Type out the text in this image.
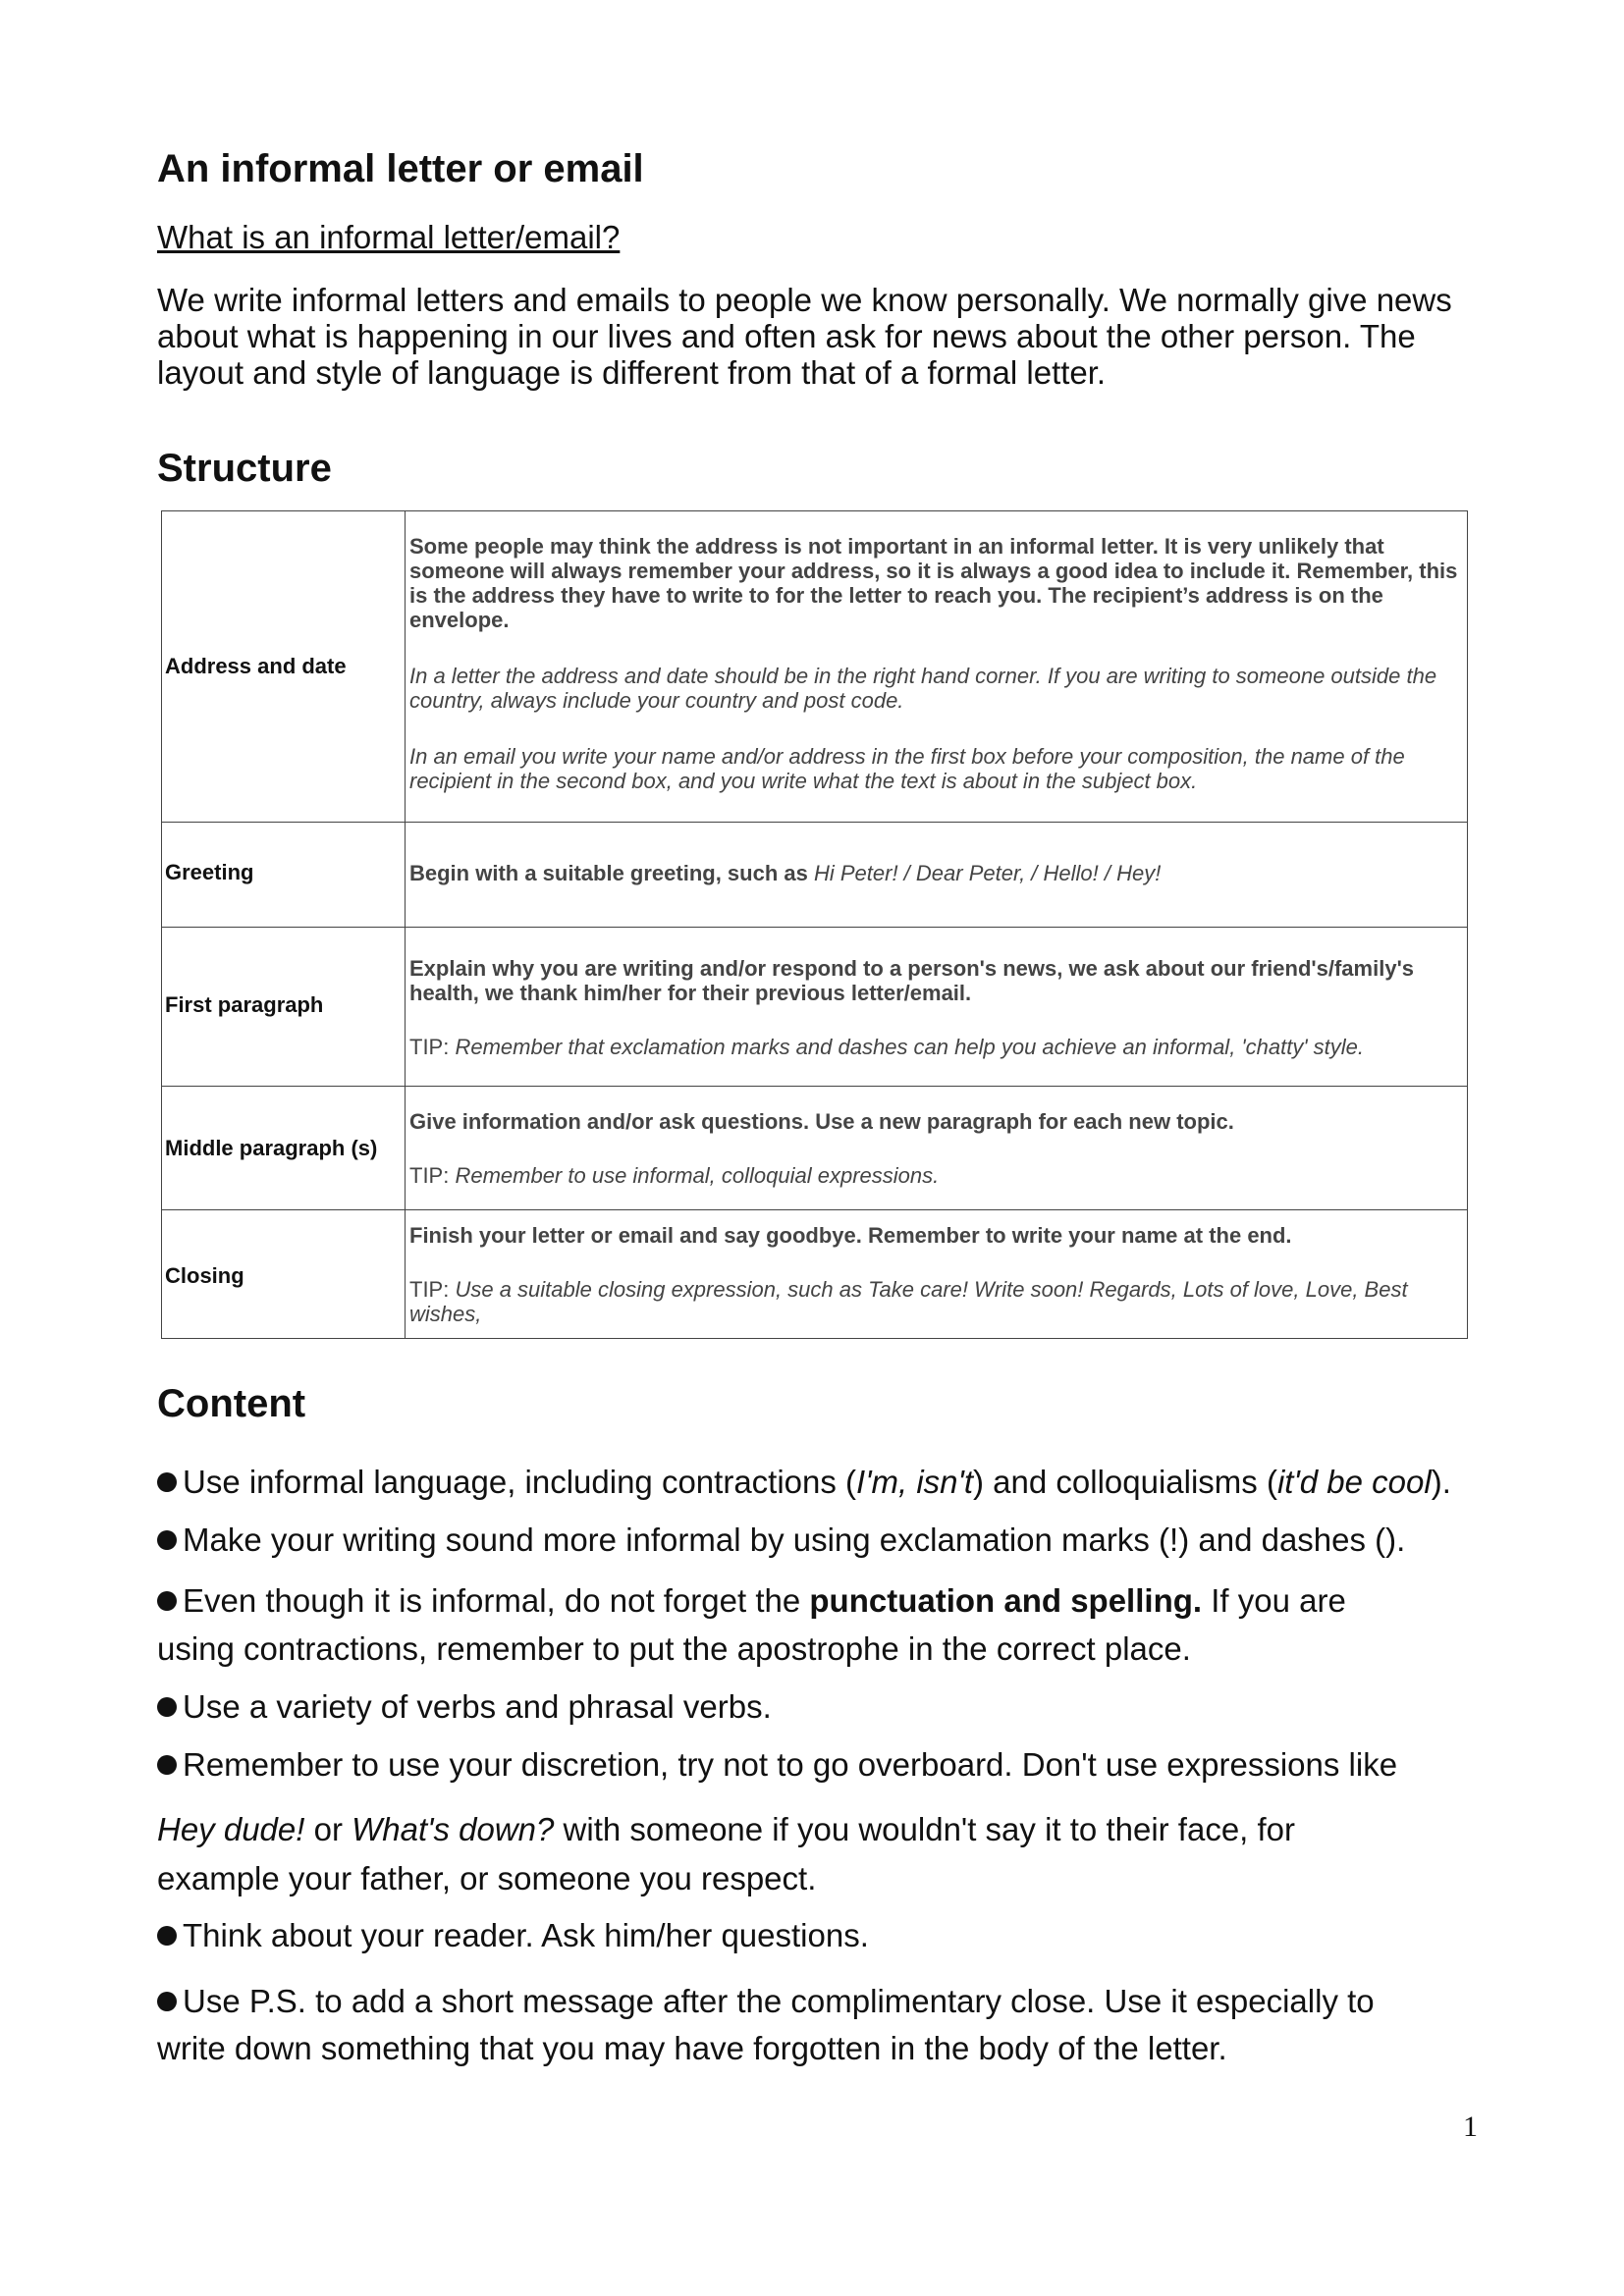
An informal letter or email
What is an informal letter/email?
We write informal letters and emails to people we know personally. We normally give news about what is happening in our lives and often ask for news about the other person. The layout and style of language is different from that of a formal letter.
Structure
Address and date

Some people may think the address is not important in an informal letter. It is very unlikely that someone will always remember your address, so it is always a good idea to include it. Remember, this is the address they have to write to for the letter to reach you. The recipient’s address is on the envelope.

In a letter the address and date should be in the right hand corner. If you are writing to someone outside the country, always include your country and post code.

In an email you write your name and/or address in the first box before your composition, the name of the recipient in the second box, and you write what the text is about in the subject box.

Greeting	Begin with a suitable greeting, such as Hi Peter! / Dear Peter, / Hello! / Hey!
First paragraph

Explain why you are writing and/or respond to a person's news, we ask about our friend's/family's health, we thank him/her for their previous letter/email.

TIP: Remember that exclamation marks and dashes can help you achieve an informal, 'chatty' style.

Middle paragraph (s)

Give information and/or ask questions. Use a new paragraph for each new topic.

TIP: Remember to use informal, colloquial expressions.

Closing

Finish your letter or email and say goodbye. Remember to write your name at the end.

TIP: Use a suitable closing expression, such as Take care! Write soon! Regards, Lots of love, Love, Best wishes,

Content
Use informal language, including contractions (I'm, isn't) and colloquialisms (it'd be cool).
Make your writing sound more informal by using exclamation marks (!) and dashes ().
Even though it is informal, do not forget the punctuation and spelling. If you are
using contractions, remember to put the apostrophe in the correct place.
Use a variety of verbs and phrasal verbs.
Remember to use your discretion, try not to go overboard. Don't use expressions like
Hey dude! or What's down? with someone if you wouldn't say it to their face, for
example your father, or someone you respect.
Think about your reader. Ask him/her questions.
Use P.S. to add a short message after the complimentary close. Use it especially to
write down something that you may have forgotten in the body of the letter.
1
